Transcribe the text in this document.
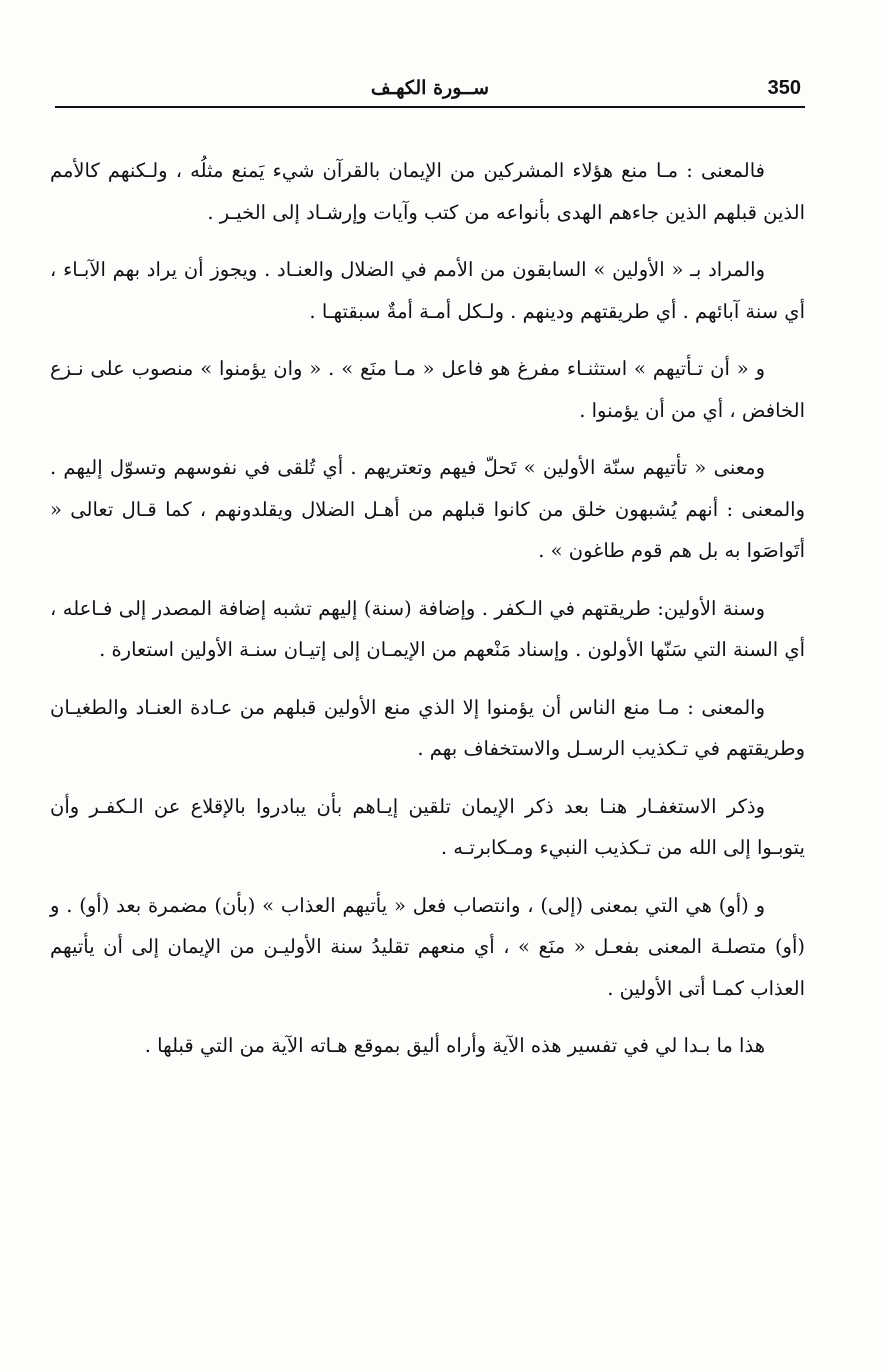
350
ســورة الكهـف

فالمعنى : مـا منع هؤلاء المشركين من الإيمان بالقرآن شيء يَمنع مثلُه ، ولـكنهم كالأمم الذين قبلهم الذين جاءهم الهدى بأنواعه من كتب وآيات وإرشـاد إلى الخيـر .

والمراد بـ « الأولين » السابقون من الأمم في الضلال والعنـاد . ويجوز أن يراد بهم الآبـاء ، أي سنة آبائهم . أي طريقتهم ودينهم . ولـكل أمـة أمةٌ سبقتهـا .

و « أن تـأتيهم » استثنـاء مفرغ هو فاعل « مـا منَع » . « وان يؤمنوا » منصوب على نـزع الخافض ، أي من أن يؤمنوا .

ومعنى « تأتيهم سنّة الأولين » تَحلّ فيهم وتعتريهم . أي تُلقى في نفوسهم وتسوّل إليهم . والمعنى : أنهم يُشبهون خلق من كانوا قبلهم من أهـل الضلال ويقلدونهم ، كما قـال تعالى « أتَواصَوا به بل هم قوم طاغون » .

وسنة الأولين: طريقتهم في الـكفر . وإضافة (سنة) إليهم تشبه إضافة المصدر إلى فـاعله ، أي السنة التي سَنّها الأولون . وإسناد مَنْعهم من الإيمـان إلى إتيـان سنـة الأولين استعارة .

والمعنى : مـا منع الناس أن يؤمنوا إلا الذي منع الأولين قبلهم من عـادة العنـاد والطغيـان وطريقتهم في تـكذيب الرسـل والاستخفاف بهم .

وذكر الاستغفـار هنـا بعد ذكر الإيمان تلقين إيـاهم بأن يبادروا بالإقلاع عن الـكفـر وأن يتوبـوا إلى الله من تـكذيب النبيء ومـكابرتـه .

و (أو) هي التي بمعنى (إلى) ، وانتصاب فعل « يأتيهم العذاب » (بأن) مضمرة بعد (أو) . و (أو) متصلـة المعنى بفعـل « منَع » ، أي منعهم تقليدُ سنة الأوليـن من الإيمان إلى أن يأتيهم العذاب كمـا أتى الأولين .

هذا ما بـدا لي في تفسير هذه الآية وأراه أليق بموقع هـاته الآية من التي قبلها .
